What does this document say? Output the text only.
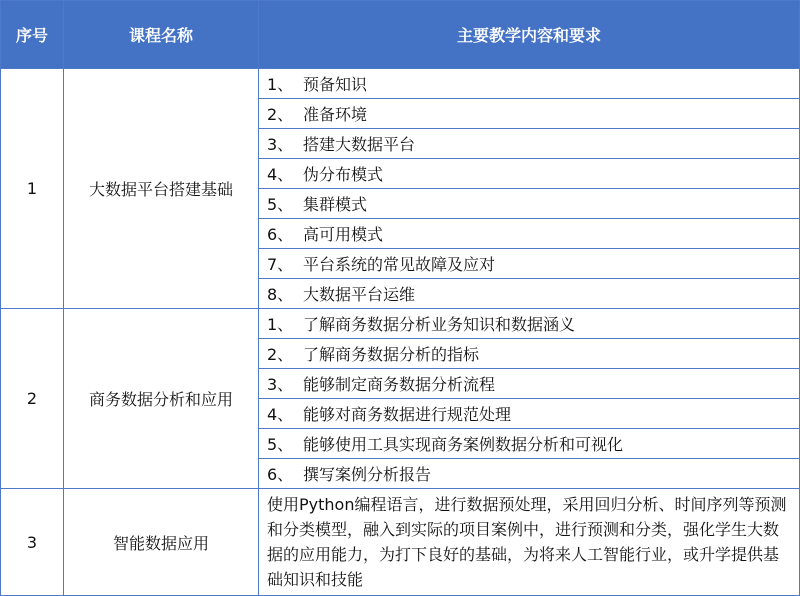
序号	课程名称	主要教学内容和要求
1	大数据平台搭建基础	1、 预备知识
		2、 准备环境
		3、 搭建大数据平台
		4、 伪分布模式
		5、 集群模式
		6、 高可用模式
		7、 平台系统的常见故障及应对
		8、 大数据平台运维
2	商务数据分析和应用	1、 了解商务数据分析业务知识和数据涵义
		2、 了解商务数据分析的指标
		3、 能够制定商务数据分析流程
		4、 能够对商务数据进行规范处理
		5、 能够使用工具实现商务案例数据分析和可视化
		6、 撰写案例分析报告
3	智能数据应用	使用Python编程语言，进行数据预处理，采用回归分析、时间序列等预测和分类模型，融入到实际的项目案例中，进行预测和分类，强化学生大数据的应用能力，为打下良好的基础，为将来人工智能行业，或升学提供基础知识和技能
